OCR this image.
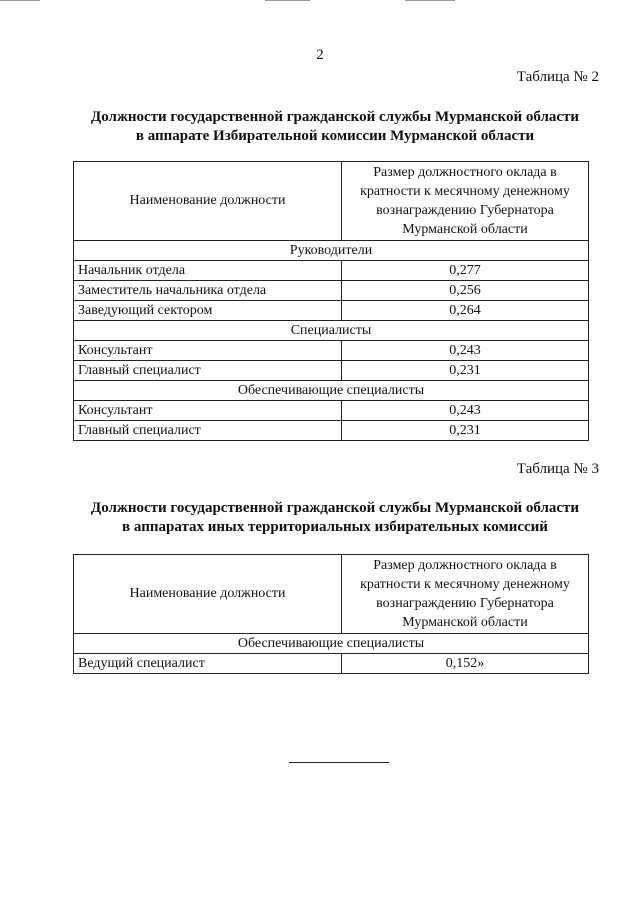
2
Таблица № 2
Должности государственной гражданской службы Мурманской области
в аппарате Избирательной комиссии Мурманской области
Наименование должности	Размер должностного оклада в кратности к месячному денежному вознаграждению Губернатора Мурманской области
Руководители	
Начальник отдела	0,277
Заместитель начальника отдела	0,256
Заведующий сектором	0,264
Специалисты	
Консультант	0,243
Главный специалист	0,231
Обеспечивающие специалисты	
Консультант	0,243
Главный специалист	0,231
Таблица № 3
Должности государственной гражданской службы Мурманской области
в аппаратах иных территориальных избирательных комиссий
Наименование должности	Размер должностного оклада в кратности к месячному денежному вознаграждению Губернатора Мурманской области
Обеспечивающие специалисты	
Ведущий специалист	0,152»
